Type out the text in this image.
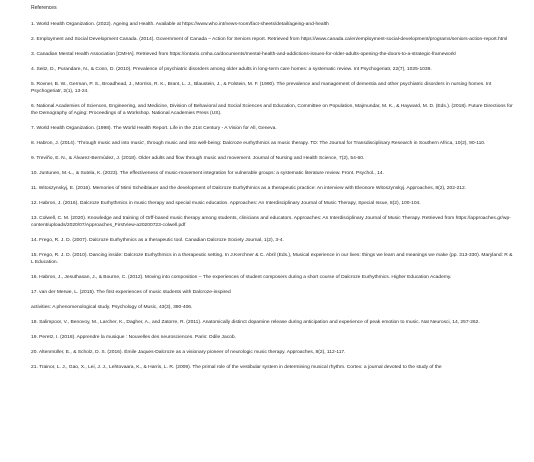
References
1. World Health Organization. (2022). Ageing and Health. Available at https://www.who.int/news-room/fact-sheets/detail/ageing-and-health
2. Employment and Social Development Canada. (2014). Government of Canada – Action for Seniors report. Retrieved from https://www.canada.ca/en/employment-social-development/programs/seniors-action-report.html
3. Canadian Mental Health Association [CMHA]. Retrieved from https://ontario.cmha.ca/documents/mental-health-and-addictions-issues-for-older-adults-opening-the-doors-to-a-strategic-framework/
4. Seitz, D., Purandare, N., & Conn, D. (2010). Prevalence of psychiatric disorders among older adults in long-term care homes: a systematic review. Int Psychogeriatr, 22(7), 1025-1039.
5. Rovner, B. W., German, P. S., Broadhead, J., Morriss, R. K., Brant, L. J., Blaustein, J., & Folstein, M. F. (1990). The prevalence and management of dementia and other psychiatric disorders in nursing homes. Int Psychogeriatr, 2(1), 13-24.
6. National Academies of Sciences, Engineering, and Medicine, Division of Behavioral and Social Sciences and Education, Committee on Population, Majmundar, M. K., & Hayward, M. D. (Eds.). (2018). Future Directions for the Demography of Aging: Proceedings of a Workshop. National Academies Press (US).
7. World Health Organization. (1998). The World Health Report. Life in the 21st Century - A Vision for All, Geneva.
8. Habron, J. (2014). 'Through music and into music', through music and into well-being: Dalcroze eurhythmics as music therapy. TD: The Journal for Transdisciplinary Research in Southern Africa, 10(2), 90-110.
9. Treviño, E. N., & Álvarez-Bermúdez, J. (2018). Older adults and flow through music and movement. Journal of Nursing and Health Science, 7(2), 54-60.
10. Juntunen, M.-L., & Sutela, K. (2023). The effectiveness of music-movement integration for vulnerable groups: a systematic literature review. Front. Psychol., 14.
11. Witoszynskyj, E. (2016). Memories of Mimi Scheiblauer and the development of Dalcroze Eurhythmics as a therapeutic practice: An interview with Eleonore Witoszynskyj. Approaches, 8(2), 202-212.
12. Habron, J. (2016). Dalcroze Eurhythmics in music therapy and special music education. Approaches: An Interdisciplinary Journal of Music Therapy, Special Issue, 8(2), 100-104.
13. Colwell, C. M. (2020). Knowledge and training of Orff-based music therapy among students, clinicians and educators. Approaches: An Interdisciplinary Journal of Music Therapy. Retrieved from https://approaches.gr/wp-content/uploads/2020/07/Approaches_FirstView-a20200723-colwell.pdf
14. Frego, R. J. D. (2007). Dalcroze Eurhythmics as a therapeutic tool. Canadian Dalcroze Society Journal, 1(2), 3-4.
15. Frego, R. J. D. (2010). Dancing inside: Dalcroze Eurhythmics in a therapeutic setting. In J.Kerchner & C. Abril (Eds.), Musical experience in our lives: things we learn and meanings we make (pp. 313-330). Maryland: R & L Education.
16. Habron, J., Jesuthasan, J., & Bourne, C. (2012). Moving into composition – The experiences of student composers during a short course of Dalcroze Eurhythmics. Higher Education Academy.
17. van der Merwe, L. (2015). The first experiences of music students with Dalcroze-inspired
activities: A phenomenological study. Psychology of Music, 43(3), 390-406.
18. Salimpoor, V., Benovoy, M., Larcher, K., Dagher, A., and Zatorre, R. (2011). Anatomically distinct dopamine release during anticipation and experience of peak emotion to music. Nat Neurosci, 14, 257-262.
19. Peretz, I. (2018). Apprendre la musique : Nouvelles des neurosciences. Paris: Odile Jacob.
20. Altenmüller, E., & Scholz, D. S. (2016). Émile Jaques-Dalcroze as a visionary pioneer of neurologic music therapy. Approaches, 8(2), 112-117.
21. Trainor, L. J., Gao, X., Lei, J. J., Lehtovaara, K., & Harris, L. R. (2009). The primal role of the vestibular system in determining musical rhythm. Cortex: a journal devoted to the study of the
